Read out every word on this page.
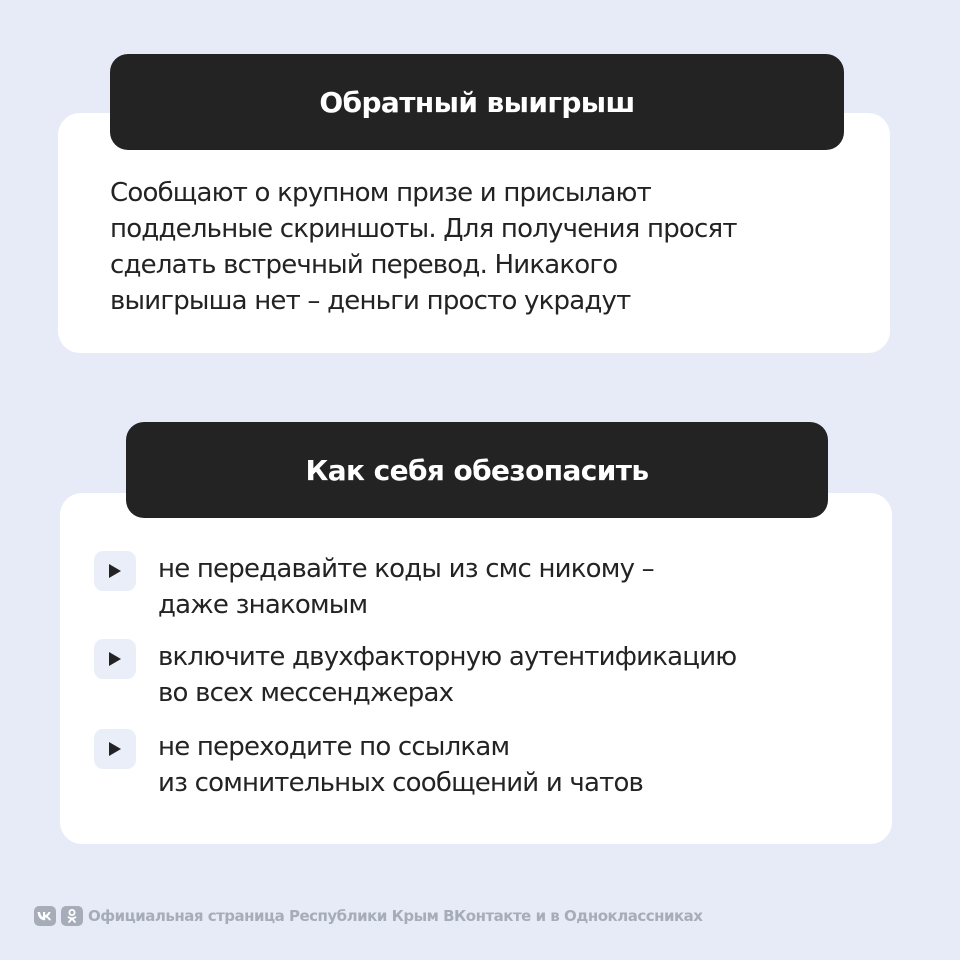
Обратный выигрыш
Сообщают о крупном призе и присылают
поддельные скриншоты. Для получения просят
сделать встречный перевод. Никакого
выигрыша нет – деньги просто украдут
Как себя обезопасить
не передавайте коды из смс никому –
даже знакомым
включите двухфакторную аутентификацию
во всех мессенджерах
не переходите по ссылкам
из сомнительных сообщений и чатов
Официальная страница Республики Крым ВКонтакте и в Одноклассниках
